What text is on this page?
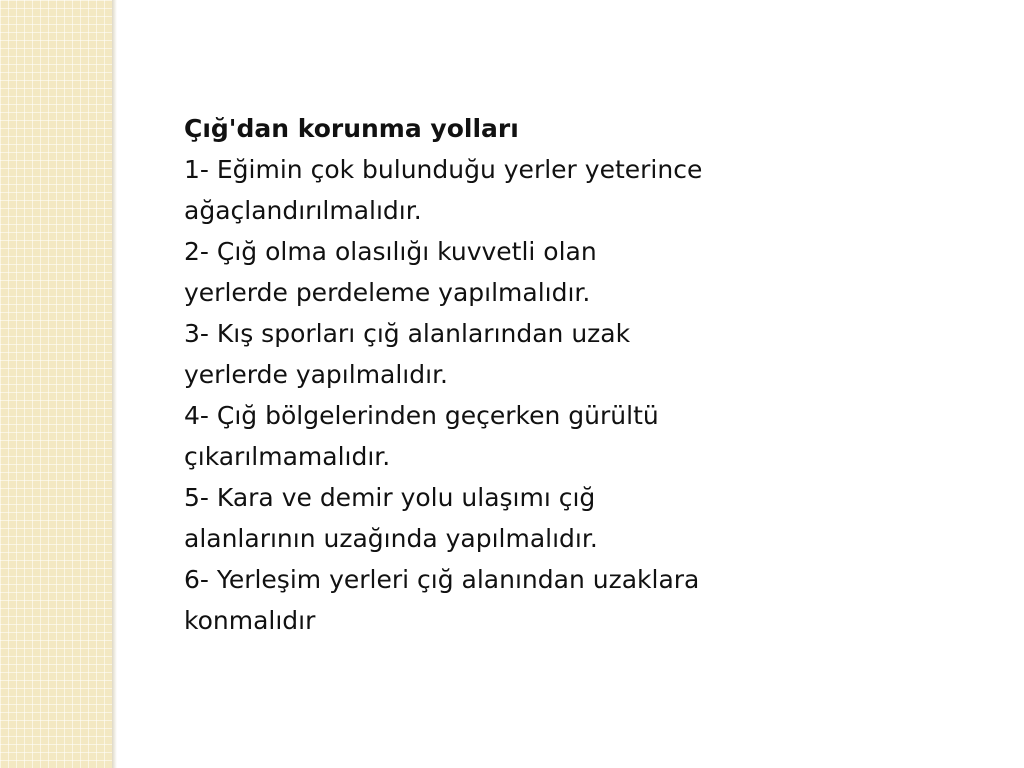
Çığ'dan korunma yolları

1- Eğimin çok bulunduğu yerler yeterince
ağaçlandırılmalıdır.

2- Çığ olma olasılığı kuvvetli olan
yerlerde perdeleme yapılmalıdır.

3- Kış sporları çığ alanlarından uzak
yerlerde yapılmalıdır.

4- Çığ bölgelerinden geçerken gürültü
çıkarılmamalıdır.

5- Kara ve demir yolu ulaşımı çığ
alanlarının uzağında yapılmalıdır.

6- Yerleşim yerleri çığ alanından uzaklara
konmalıdır
